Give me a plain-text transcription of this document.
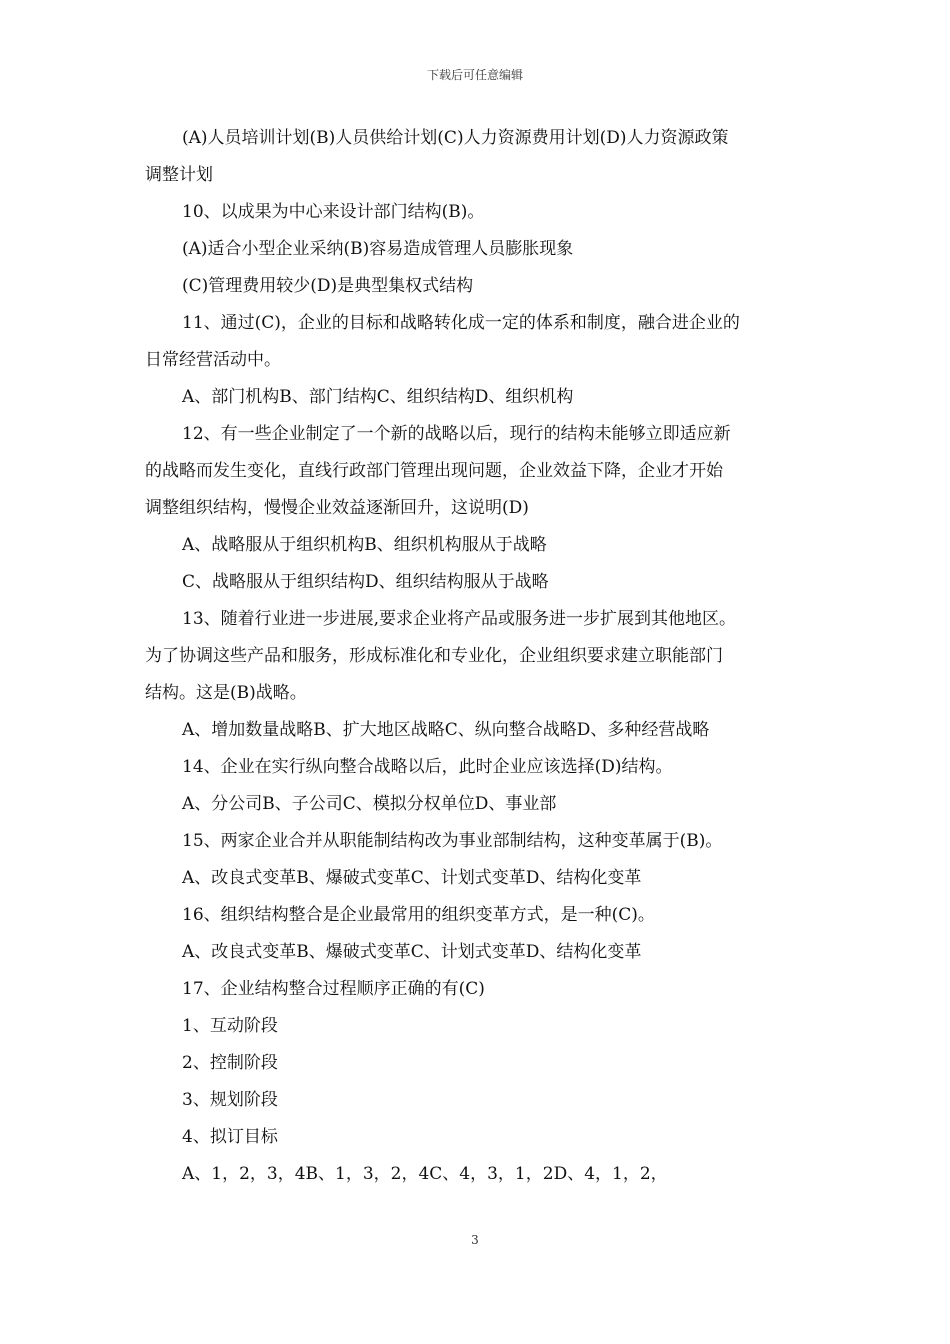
下载后可任意编辑
(A)人员培训计划(B)人员供给计划(C)人力资源费用计划(D)人力资源政策
调整计划
10、以成果为中心来设计部门结构(B)。
(A)适合小型企业采纳(B)容易造成管理人员膨胀现象
(C)管理费用较少(D)是典型集权式结构
11、通过(C)，企业的目标和战略转化成一定的体系和制度，融合进企业的
日常经营活动中。
A、部门机构B、部门结构C、组织结构D、组织机构
12、有一些企业制定了一个新的战略以后，现行的结构未能够立即适应新
的战略而发生变化，直线行政部门管理出现问题，企业效益下降，企业才开始
调整组织结构，慢慢企业效益逐渐回升，这说明(D)
A、战略服从于组织机构B、组织机构服从于战略
C、战略服从于组织结构D、组织结构服从于战略
13、随着行业进一步进展,要求企业将产品或服务进一步扩展到其他地区。
为了协调这些产品和服务，形成标准化和专业化，企业组织要求建立职能部门
结构。这是(B)战略。
A、增加数量战略B、扩大地区战略C、纵向整合战略D、多种经营战略
14、企业在实行纵向整合战略以后，此时企业应该选择(D)结构。
A、分公司B、子公司C、模拟分权单位D、事业部
15、两家企业合并从职能制结构改为事业部制结构，这种变革属于(B)。
A、改良式变革B、爆破式变革C、计划式变革D、结构化变革
16、组织结构整合是企业最常用的组织变革方式，是一种(C)。
A、改良式变革B、爆破式变革C、计划式变革D、结构化变革
17、企业结构整合过程顺序正确的有(C)
1、互动阶段
2、控制阶段
3、规划阶段
4、拟订目标
A、1，2，3，4B、1，3，2，4C、4，3，1，2D、4，1，2，
3
